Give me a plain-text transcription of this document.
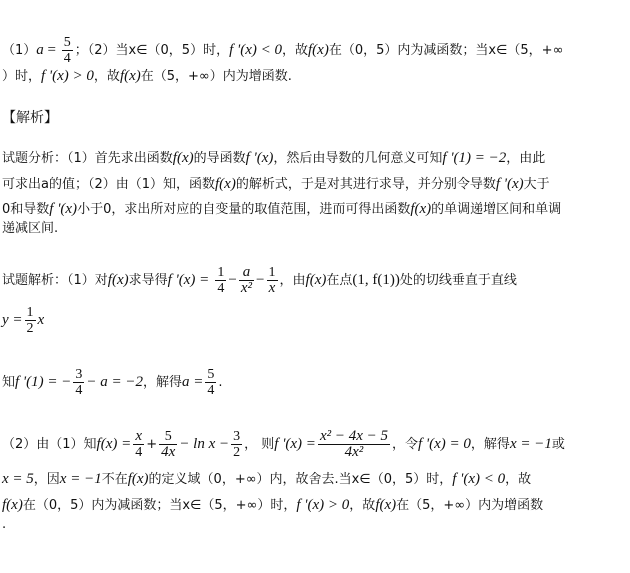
$(1)a = \frac{5}{4}$ ；（2）当x∈（0，5）时，f '(x) < 0，故f(x)在（0，5）内为减函数；当x∈（5，+∞
）时，f '(x) > 0，故f(x)在（5，+∞）内为增函数.
【解析】
试题分析：（1）首先求出函数f(x)的导函数f '(x)，然后由导数的几何意义可知f '(1) = −2，由此
可求出a的值；（2）由（1）知，函数f(x)的解析式，于是对其进行求导，并分别令导数f '(x)大于
0和导数f '(x)小于0，求出所对应的自变量的取值范围，进而可得出函数f(x)的单调递增区间和单调
递减区间.
试题解析：（1）对f(x)求导得f '$(x) = \frac{1}{4} - \frac{a}{\text{x²}} - \frac{1}{x}$ ，由f(x)在点(1, f(1))处的切线垂直于直线
$y = \frac{1}{2}$ x
知f '(1) = − $\frac{3}{4} - a = -2$，解得$a = \frac{5}{4}$ .
（2）由（1）知$f(x) = \frac{x}{4} + \frac{5}{4x} - \ln x - \frac{3}{2}$ ， 则f '$(x) = \frac{\text{x² − 4x − 5}}{\text{4x²}}$ ，令f '(x) = 0，解得x = −1或
x = 5，因x = −1不在f(x)的定义域（0，+∞）内，故舍去.当x∈（0，5）时，f '(x) < 0，故
f(x)在（0，5）内为减函数；当x∈（5，+∞）时，f '(x) > 0，故f(x)在（5，+∞）内为增函数
.
